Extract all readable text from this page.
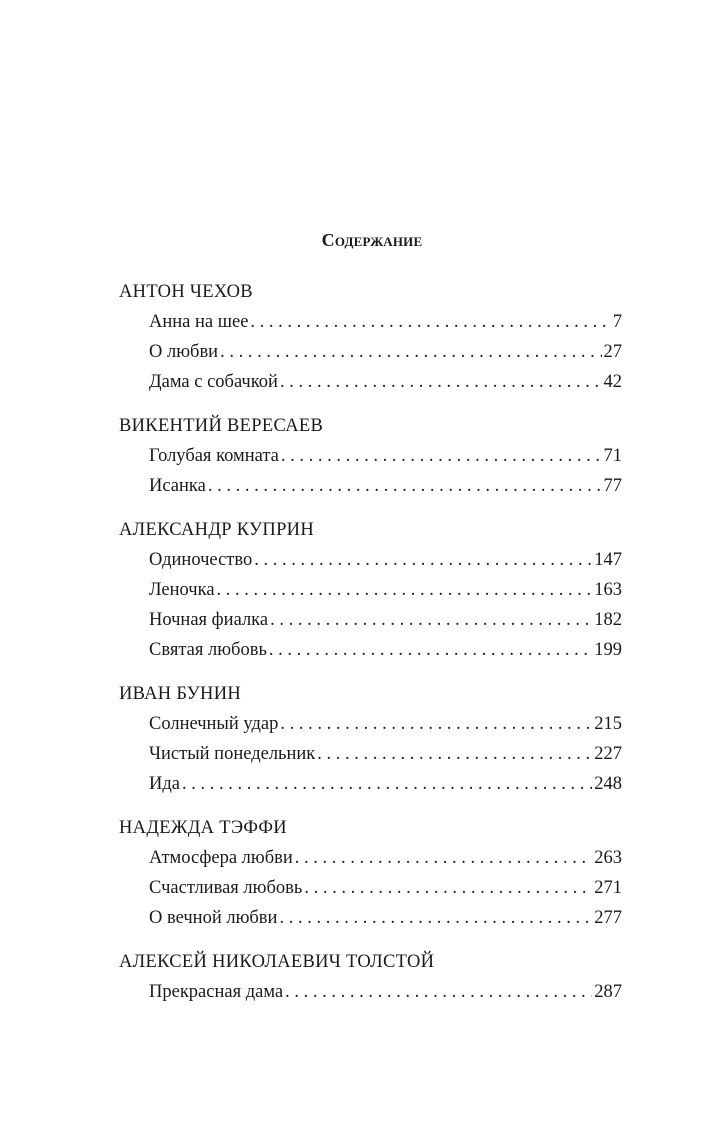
Содержание
АНТОН ЧЕХОВ
Анна на шее . . .	7
О любви . . .	27
Дама с собачкой . . .	42
ВИКЕНТИЙ ВЕРЕСАЕВ
Голубая комната . . .	71
Исанка . . .	77
АЛЕКСАНДР КУПРИН
Одиночество . . .	147
Леночка . . .	163
Ночная фиалка . . .	182
Святая любовь . . .	199
ИВАН БУНИН
Солнечный удар . . .	215
Чистый понедельник . . .	227
Ида . . .	248
НАДЕЖДА ТЭФФИ
Атмосфера любви . . .	263
Счастливая любовь . . .	271
О вечной любви . . .	277
АЛЕКСЕЙ НИКОЛАЕВИЧ ТОЛСТОЙ
Прекрасная дама . . .	287
